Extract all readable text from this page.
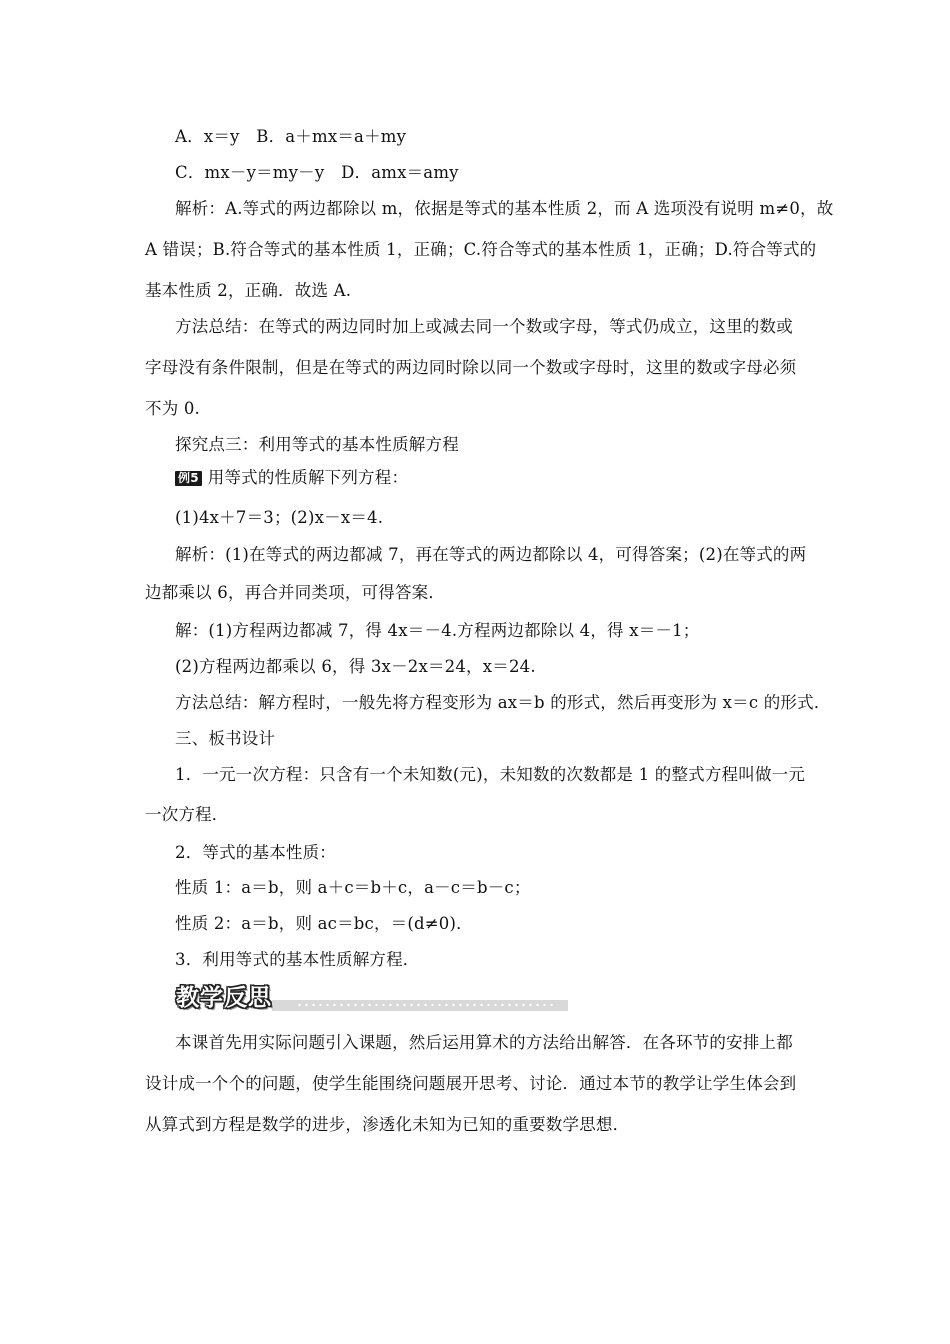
A．x＝y　B．a＋mx＝a＋my
C．mx－y＝my－y　D．amx＝amy
解析：A.等式的两边都除以 m，依据是等式的基本性质 2，而 A 选项没有说明 m≠0，故
A 错误；B.符合等式的基本性质 1，正确；C.符合等式的基本性质 1，正确；D.符合等式的
基本性质 2，正确．故选 A.
方法总结：在等式的两边同时加上或减去同一个数或字母，等式仍成立，这里的数或
字母没有条件限制，但是在等式的两边同时除以同一个数或字母时，这里的数或字母必须
不为 0.
探究点三：利用等式的基本性质解方程
例5 用等式的性质解下列方程：
(1)4x＋7＝3；(2)x－x＝4.
解析：(1)在等式的两边都减 7，再在等式的两边都除以 4，可得答案；(2)在等式的两
边都乘以 6，再合并同类项，可得答案．
解：(1)方程两边都减 7，得 4x＝－4.方程两边都除以 4，得 x＝－1；
(2)方程两边都乘以 6，得 3x－2x＝24，x＝24.
方法总结：解方程时，一般先将方程变形为 ax＝b 的形式，然后再变形为 x＝c 的形式．
三、板书设计
1．一元一次方程：只含有一个未知数(元)，未知数的次数都是 1 的整式方程叫做一元
一次方程．
2．等式的基本性质：
性质 1：a＝b，则 a＋c＝b＋c，a－c＝b－c；
性质 2：a＝b，则 ac＝bc，＝(d≠0)．
3．利用等式的基本性质解方程．
教学反思
本课首先用实际问题引入课题，然后运用算术的方法给出解答．在各环节的安排上都
设计成一个个的问题，使学生能围绕问题展开思考、讨论．通过本节的教学让学生体会到
从算式到方程是数学的进步，渗透化未知为已知的重要数学思想．
